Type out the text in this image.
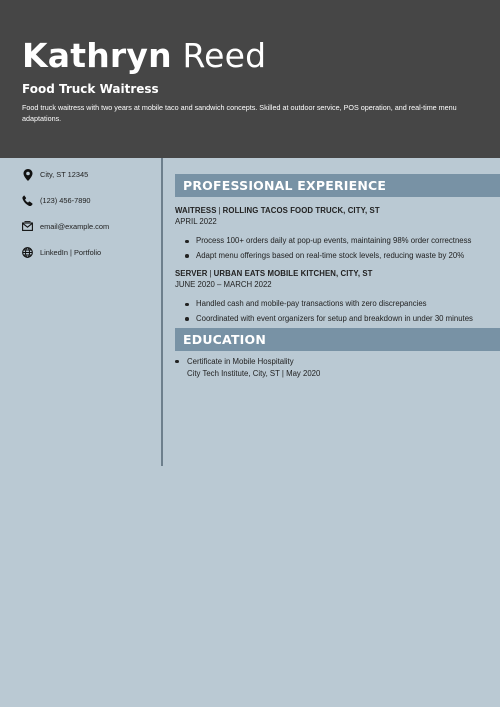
Kathryn Reed
Food Truck Waitress
Food truck waitress with two years at mobile taco and sandwich concepts. Skilled at outdoor service, POS operation, and real-time menu adaptations.
City, ST 12345
(123) 456-7890
email@example.com
LinkedIn | Portfolio
PROFESSIONAL EXPERIENCE
WAITRESS | ROLLING TACOS FOOD TRUCK, CITY, ST
APRIL 2022
Process 100+ orders daily at pop-up events, maintaining 98% order correctness
Adapt menu offerings based on real-time stock levels, reducing waste by 20%
SERVER | URBAN EATS MOBILE KITCHEN, CITY, ST
JUNE 2020 – MARCH 2022
Handled cash and mobile-pay transactions with zero discrepancies
Coordinated with event organizers for setup and breakdown in under 30 minutes
EDUCATION
Certificate in Mobile Hospitality
City Tech Institute, City, ST | May 2020
